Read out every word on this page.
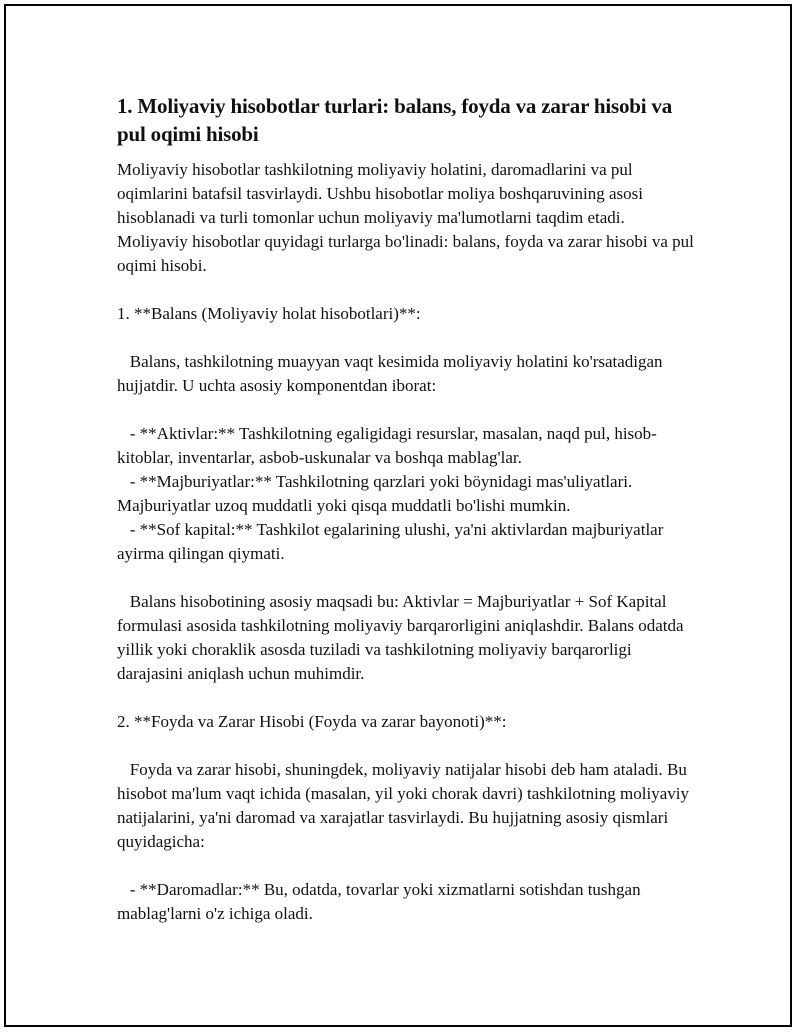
1. Moliyaviy hisobotlar turlari: balans, foyda va zarar hisobi va pul oqimi hisobi

Moliyaviy hisobotlar tashkilotning moliyaviy holatini, daromadlarini va pul oqimlarini batafsil tasvirlaydi. Ushbu hisobotlar moliya boshqaruvining asosi hisoblanadi va turli tomonlar uchun moliyaviy ma'lumotlarni taqdim etadi. Moliyaviy hisobotlar quyidagi turlarga bo'linadi: balans, foyda va zarar hisobi va pul oqimi hisobi.

1. **Balans (Moliyaviy holat hisobotlari)**:

Balans, tashkilotning muayyan vaqt kesimida moliyaviy holatini ko'rsatadigan hujjatdir. U uchta asosiy komponentdan iborat:

- **Aktivlar:** Tashkilotning egaligidagi resurslar, masalan, naqd pul, hisob-kitoblar, inventarlar, asbob-uskunalar va boshqa mablag'lar.
- **Majburiyatlar:** Tashkilotning qarzlari yoki böynidagi mas'uliyatlari. Majburiyatlar uzoq muddatli yoki qisqa muddatli bo'lishi mumkin.
- **Sof kapital:** Tashkilot egalarining ulushi, ya'ni aktivlardan majburiyatlar ayirma qilingan qiymati.

Balans hisobotining asosiy maqsadi bu: Aktivlar = Majburiyatlar + Sof Kapital formulasi asosida tashkilotning moliyaviy barqarorligini aniqlashdir. Balans odatda yillik yoki choraklik asosda tuziladi va tashkilotning moliyaviy barqarorligi darajasini aniqlash uchun muhimdir.

2. **Foyda va Zarar Hisobi (Foyda va zarar bayonoti)**:

Foyda va zarar hisobi, shuningdek, moliyaviy natijalar hisobi deb ham ataladi. Bu hisobot ma'lum vaqt ichida (masalan, yil yoki chorak davri) tashkilotning moliyaviy natijalarini, ya'ni daromad va xarajatlar tasvirlaydi. Bu hujjatning asosiy qismlari quyidagicha:

- **Daromadlar:** Bu, odatda, tovarlar yoki xizmatlarni sotishdan tushgan mablag'larni o'z ichiga oladi.
